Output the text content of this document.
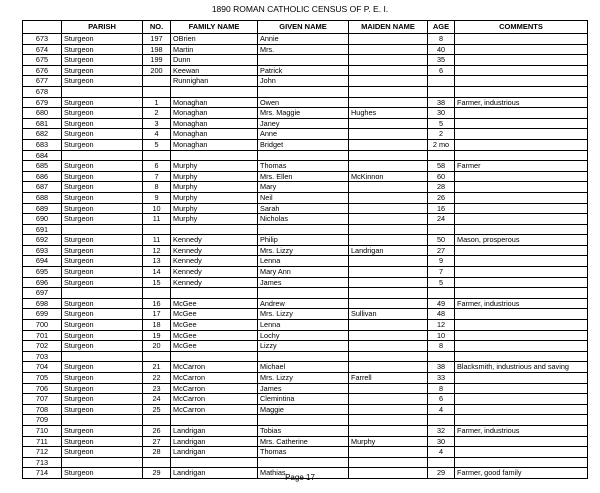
1890 ROMAN CATHOLIC CENSUS OF P. E. I.
	PARISH	NO.	FAMILY NAME	GIVEN NAME	MAIDEN NAME	AGE	COMMENTS
673	Sturgeon	197	OBrien	Annie		8	
674	Sturgeon	198	Martin	Mrs.		40	
675	Sturgeon	199	Dunn			35	
676	Sturgeon	200	Keewan	Patrick		6	
677	Sturgeon		Runnighan	John			
678							
679	Sturgeon	1	Monaghan	Owen		38	Farmer, industrious
680	Sturgeon	2	Monaghan	Mrs. Maggie	Hughes	30	
681	Sturgeon	3	Monaghan	Janey		5	
682	Sturgeon	4	Monaghan	Anne		2	
683	Sturgeon	5	Monaghan	Bridget		2 mo	
684							
685	Sturgeon	6	Murphy	Thomas		58	Farmer
686	Sturgeon	7	Murphy	Mrs. Ellen	McKinnon	60	
687	Sturgeon	8	Murphy	Mary		28	
688	Sturgeon	9	Murphy	Neil		26	
689	Sturgeon	10	Murphy	Sarah		16	
690	Sturgeon	11	Murphy	Nicholas		24	
691							
692	Sturgeon	11	Kennedy	Philip		50	Mason, prosperous
693	Sturgeon	12	Kennedy	Mrs. Lizzy	Landrigan	27	
694	Sturgeon	13	Kennedy	Lenna		9	
695	Sturgeon	14	Kennedy	Mary Ann		7	
696	Sturgeon	15	Kennedy	James		5	
697							
698	Sturgeon	16	McGee	Andrew		49	Farmer, industrious
699	Sturgeon	17	McGee	Mrs. Lizzy	Sullivan	48	
700	Sturgeon	18	McGee	Lenna		12	
701	Sturgeon	19	McGee	Lochy		10	
702	Sturgeon	20	McGee	Lizzy		8	
703							
704	Sturgeon	21	McCarron	Michael		38	Blacksmith, industrious and saving
705	Sturgeon	22	McCarron	Mrs. Lizzy	Farrell	33	
706	Sturgeon	23	McCarron	James		8	
707	Sturgeon	24	McCarron	Clemintina		6	
708	Sturgeon	25	McCarron	Maggie		4	
709							
710	Sturgeon	26	Landrigan	Tobias		32	Farmer, industrious
711	Sturgeon	27	Landrigan	Mrs. Catherine	Murphy	30	
712	Sturgeon	28	Landrigan	Thomas		4	
713							
714	Sturgeon	29	Landrigan	Mathias		29	Farmer, good family
Page 17
